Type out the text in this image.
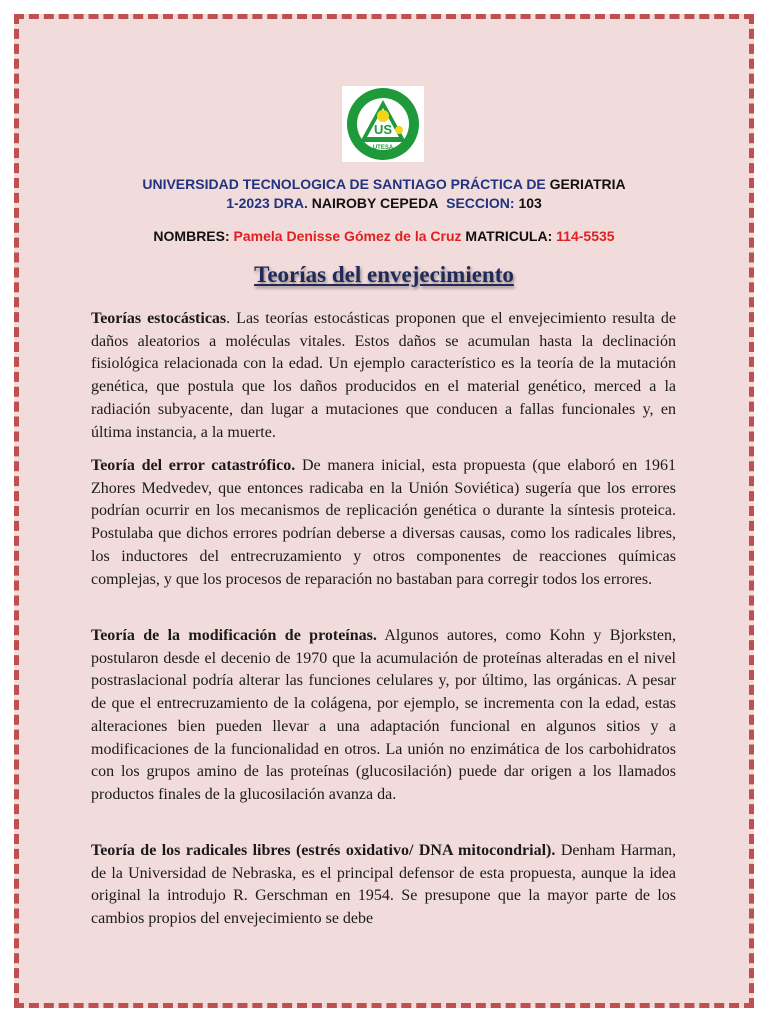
US
UTESA
UNIVERSIDAD TECNOLOGICA DE SANTIAGO PRÁCTICA DE GERIATRIA
1-2023 DRA. NAIROBY CEPEDA SECCION: 103
NOMBRES: Pamela Denisse Gómez de la Cruz MATRICULA: 114-5535
Teorías del envejecimiento

Teorías estocásticas. Las teorías estocásticas proponen que el envejecimiento resulta de daños aleatorios a moléculas vitales. Estos daños se acumulan hasta la declinación fisiológica relacionada con la edad. Un ejemplo característico es la teoría de la mutación genética, que postula que los daños producidos en el material genético, merced a la radiación subyacente, dan lugar a mutaciones que conducen a fallas funcionales y, en última instancia, a la muerte.

Teoría del error catastrófico. De manera inicial, esta propuesta (que elaboró en 1961 Zhores Medvedev, que entonces radicaba en la Unión Soviética) sugería que los errores podrían ocurrir en los mecanismos de replicación genética o durante la síntesis proteica. Postulaba que dichos errores podrían deberse a diversas causas, como los radicales libres, los inductores del entrecruzamiento y otros componentes de reacciones químicas complejas, y que los procesos de reparación no bastaban para corregir todos los errores.

Teoría de la modificación de proteínas. Algunos autores, como Kohn y Bjorksten, postularon desde el decenio de 1970 que la acumulación de proteínas alteradas en el nivel postraslacional podría alterar las funciones celulares y, por último, las orgánicas. A pesar de que el entrecruzamiento de la colágena, por ejemplo, se incrementa con la edad, estas alteraciones bien pueden llevar a una adaptación funcional en algunos sitios y a modificaciones de la funcionalidad en otros. La unión no enzimática de los carbohidratos con los grupos amino de las proteínas (glucosilación) puede dar origen a los llamados productos finales de la glucosilación avanza da.

Teoría de los radicales libres (estrés oxidativo/ DNA mitocondrial). Denham Harman, de la Universidad de Nebraska, es el principal defensor de esta propuesta, aunque la idea original la introdujo R. Gerschman en 1954. Se presupone que la mayor parte de los cambios propios del envejecimiento se debe
